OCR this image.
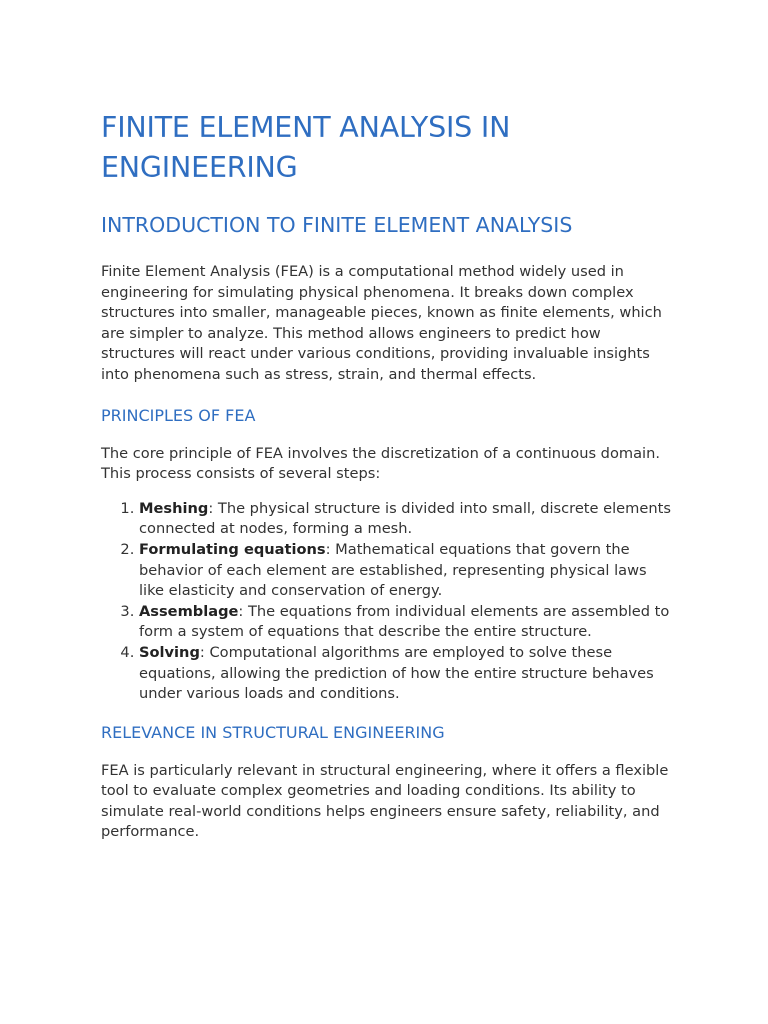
FINITE ELEMENT ANALYSIS IN ENGINEERING
INTRODUCTION TO FINITE ELEMENT ANALYSIS

Finite Element Analysis (FEA) is a computational method widely used in engineering for simulating physical phenomena. It breaks down complex structures into smaller, manageable pieces, known as finite elements, which are simpler to analyze. This method allows engineers to predict how structures will react under various conditions, providing invaluable insights into phenomena such as stress, strain, and thermal effects.

PRINCIPLES OF FEA

The core principle of FEA involves the discretization of a continuous domain. This process consists of several steps:

1. Meshing: The physical structure is divided into small, discrete elements connected at nodes, forming a mesh.
2. Formulating equations: Mathematical equations that govern the behavior of each element are established, representing physical laws like elasticity and conservation of energy.
3. Assemblage: The equations from individual elements are assembled to form a system of equations that describe the entire structure.
4. Solving: Computational algorithms are employed to solve these equations, allowing the prediction of how the entire structure behaves under various loads and conditions.
RELEVANCE IN STRUCTURAL ENGINEERING

FEA is particularly relevant in structural engineering, where it offers a flexible tool to evaluate complex geometries and loading conditions. Its ability to simulate real-world conditions helps engineers ensure safety, reliability, and performance.
